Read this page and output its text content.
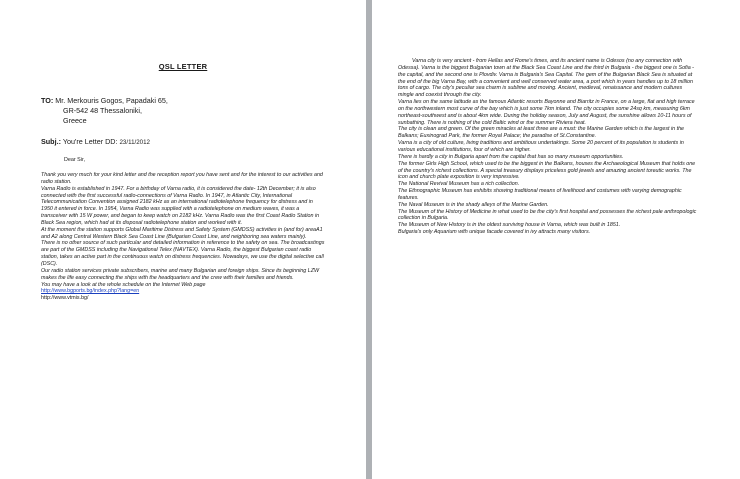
QSL LETTER
TO: Mr. Merkouris Gogos, Papadaki 65,
GR-542 48 Thessaloniki,
Greece
Subj.: You're Letter DD: 23/11/2012
Dear Sir,

Thank you very much for your kind letter and the reception report you have sent and for the interest to our activities and radio station.

Varna Radio is established in 1947. For a birthday of Varna radio, it is considered the date- 12th December; it is also connected with the first successful radio-connections of Varna Radio. In 1947, in Atlantic City, International Telecommunication Convention assigned 2182 kHz as an international radiotelephone frequency for distress and in 1950 it entered in force. In 1954, Varna Radio was supplied with a radiotelephone on medium waves, it was a transceiver with 15 W power, and began to keep watch on 2182 kHz. Varna Radio was the first Coast Radio Station in Black Sea region, which had at its disposal radiotelephone station and worked with it.

At the moment the station supports Global Maritime Distress and Safety System (GMDSS) activities in (and for) areaA1 and A2 along Central Western Black Sea Coast Line (Bulgarian Coast Line, and neighboring sea waters mainly).

There is no other source of such particular and detailed information in reference to the safety on sea. The broadcastings are part of the GMDSS including the Navigational Telex (NAVTEX). Varna Radio, the biggest Bulgarian coast radio station, takes an active part in the continuous watch on distress frequencies. Nowadays, we use the digital selective call (DSC).

Our radio station services private subscribers, marine and many Bulgarian and foreign ships. Since its beginning LZW makes the life easy connecting the ships with the headquarters and the crew with their families and friends.

You may have a look at the whole schedule on the Internet Web page

http://www.bgports.bg/index.php?lang=en
http://www.vtmis.bg/

Varna city is very ancient - from Hellas and Rome's times, and its ancient name is Odesos (no any connection with Odessa). Varna is the biggest Bulgarian town at the Black Sea Coast Line and the third in Bulgaria - the biggest one is Sofia - the capital, and the second one is Plovdiv. Varna is Bulgaria's Sea Capital. The gem of the Bulgarian Black Sea is situated at the end of the big Varna Bay, with a convenient and well conserved water area, a port which in years handles up to 18 million tons of cargo. The city's peculiar sea charm is sublime and moving. Ancient, medieval, renaissance and modern cultures mingle and coexist through the city.

Varna lies on the same latitude as the famous Atlantic resorts Bayonne and Biarritz in France, on a large, flat and high terrace on the northwestern most curve of the bay which is just some 7km inland. The city occupies some 24sq km, measuring 6km northeast-southwest and is about 4km wide. During the holiday season, July and August, the sunshine allows 10-11 hours of sunbathing. There is nothing of the cold Baltic wind or the summer Riviera heat.

The city is clean and green. Of the green miracles at least three are a must: the Marine Garden which is the largest in the Balkans; Euxinograd Park, the former Royal Palace; the paradise of St.Constantine.

Varna is a city of old culture, living traditions and ambitious undertakings. Some 20 percent of its population is students in various educational institutions, four of which are higher.

There is hardly a city in Bulgaria apart from the capital that has so many museum opportunities.

The former Girls High School, which used to be the biggest in the Balkans, houses the Archaeological Museum that holds one of the country's richest collections. A special treasury displays priceless gold jewels and amazing ancient toreutic works. The icon and church plate exposition is very impressive.

The National Revival Museum has a rich collection.

The Ethnographic Museum has exhibits showing traditional means of livelihood and costumes with varying demographic features.

The Naval Museum is in the shady alleys of the Marine Garden.

The Museum of the History of Medicine in what used to be the city's first hospital and possesses the richest pale anthropologic collection in Bulgaria.

The Museum of New History is in the oldest surviving house in Varna, which was built in 1851.

Bulgaria's only Aquarium with unique facade covered in ivy attracts many visitors.
